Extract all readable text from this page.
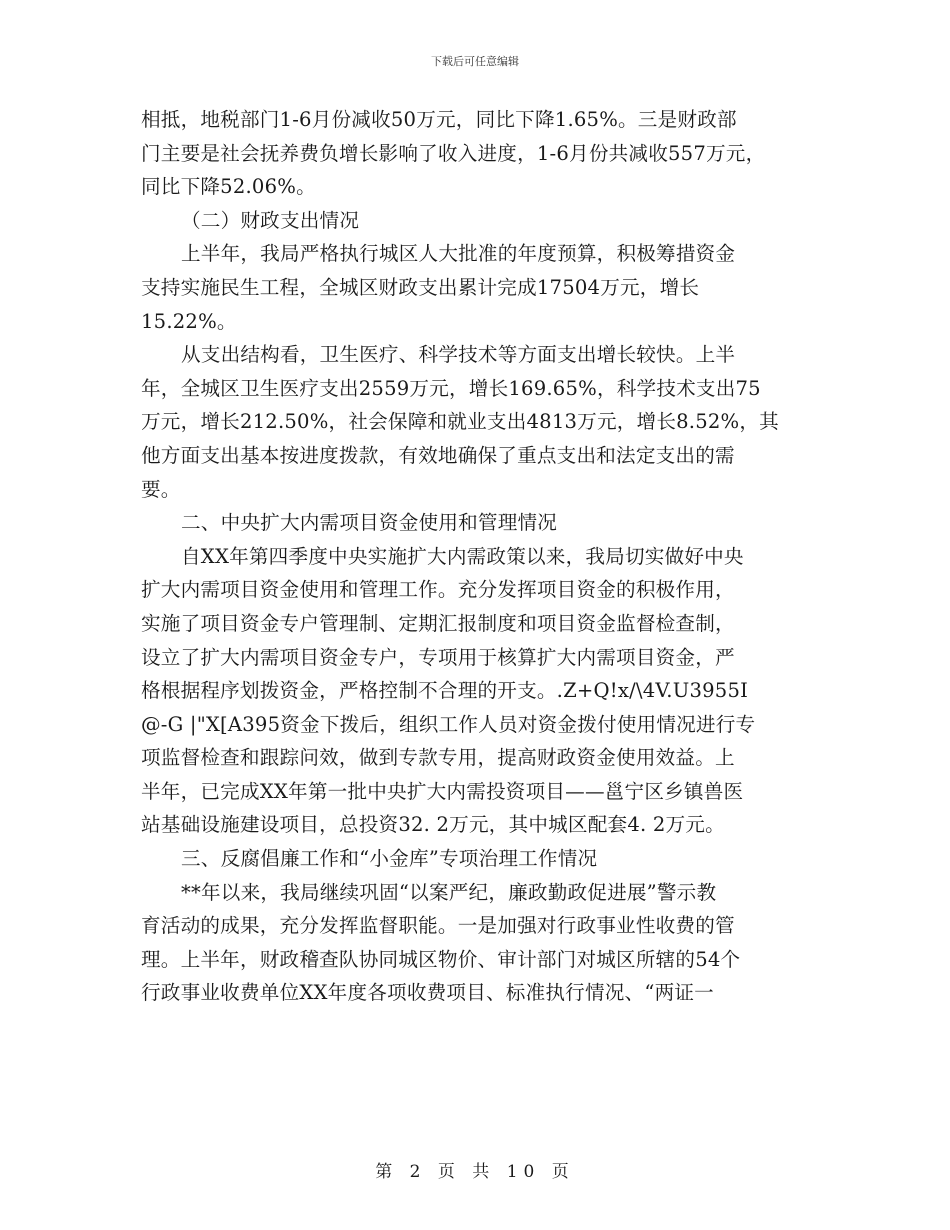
下载后可任意编辑
相抵，地税部门1-6月份减收50万元，同比下降1.65%。三是财政部
门主要是社会抚养费负增长影响了收入进度，1-6月份共减收557万元，
同比下降52.06%。
（二）财政支出情况
上半年，我局严格执行城区人大批准的年度预算，积极筹措资金
支持实施民生工程，全城区财政支出累计完成17504万元，增长
15.22%。
从支出结构看，卫生医疗、科学技术等方面支出增长较快。上半
年，全城区卫生医疗支出2559万元，增长169.65%，科学技术支出75
万元，增长212.50%，社会保障和就业支出4813万元，增长8.52%，其
他方面支出基本按进度拨款，有效地确保了重点支出和法定支出的需
要。
二、中央扩大内需项目资金使用和管理情况
自XX年第四季度中央实施扩大内需政策以来，我局切实做好中央
扩大内需项目资金使用和管理工作。充分发挥项目资金的积极作用，
实施了项目资金专户管理制、定期汇报制度和项目资金监督检查制，
设立了扩大内需项目资金专户，专项用于核算扩大内需项目资金，严
格根据程序划拨资金，严格控制不合理的开支。.Z+Q!x/\4V.U3955I
@-G |"X[A395资金下拨后，组织工作人员对资金拨付使用情况进行专
项监督检查和跟踪问效，做到专款专用，提高财政资金使用效益。上
半年，已完成XX年第一批中央扩大内需投资项目——邕宁区乡镇兽医
站基础设施建设项目，总投资32. 2万元，其中城区配套4. 2万元。
三、反腐倡廉工作和“小金库”专项治理工作情况
**年以来，我局继续巩固“以案严纪，廉政勤政促进展”警示教
育活动的成果，充分发挥监督职能。一是加强对行政事业性收费的管
理。上半年，财政稽查队协同城区物价、审计部门对城区所辖的54个
行政事业收费单位XX年度各项收费项目、标准执行情况、“两证一
第 2 页 共 10 页
